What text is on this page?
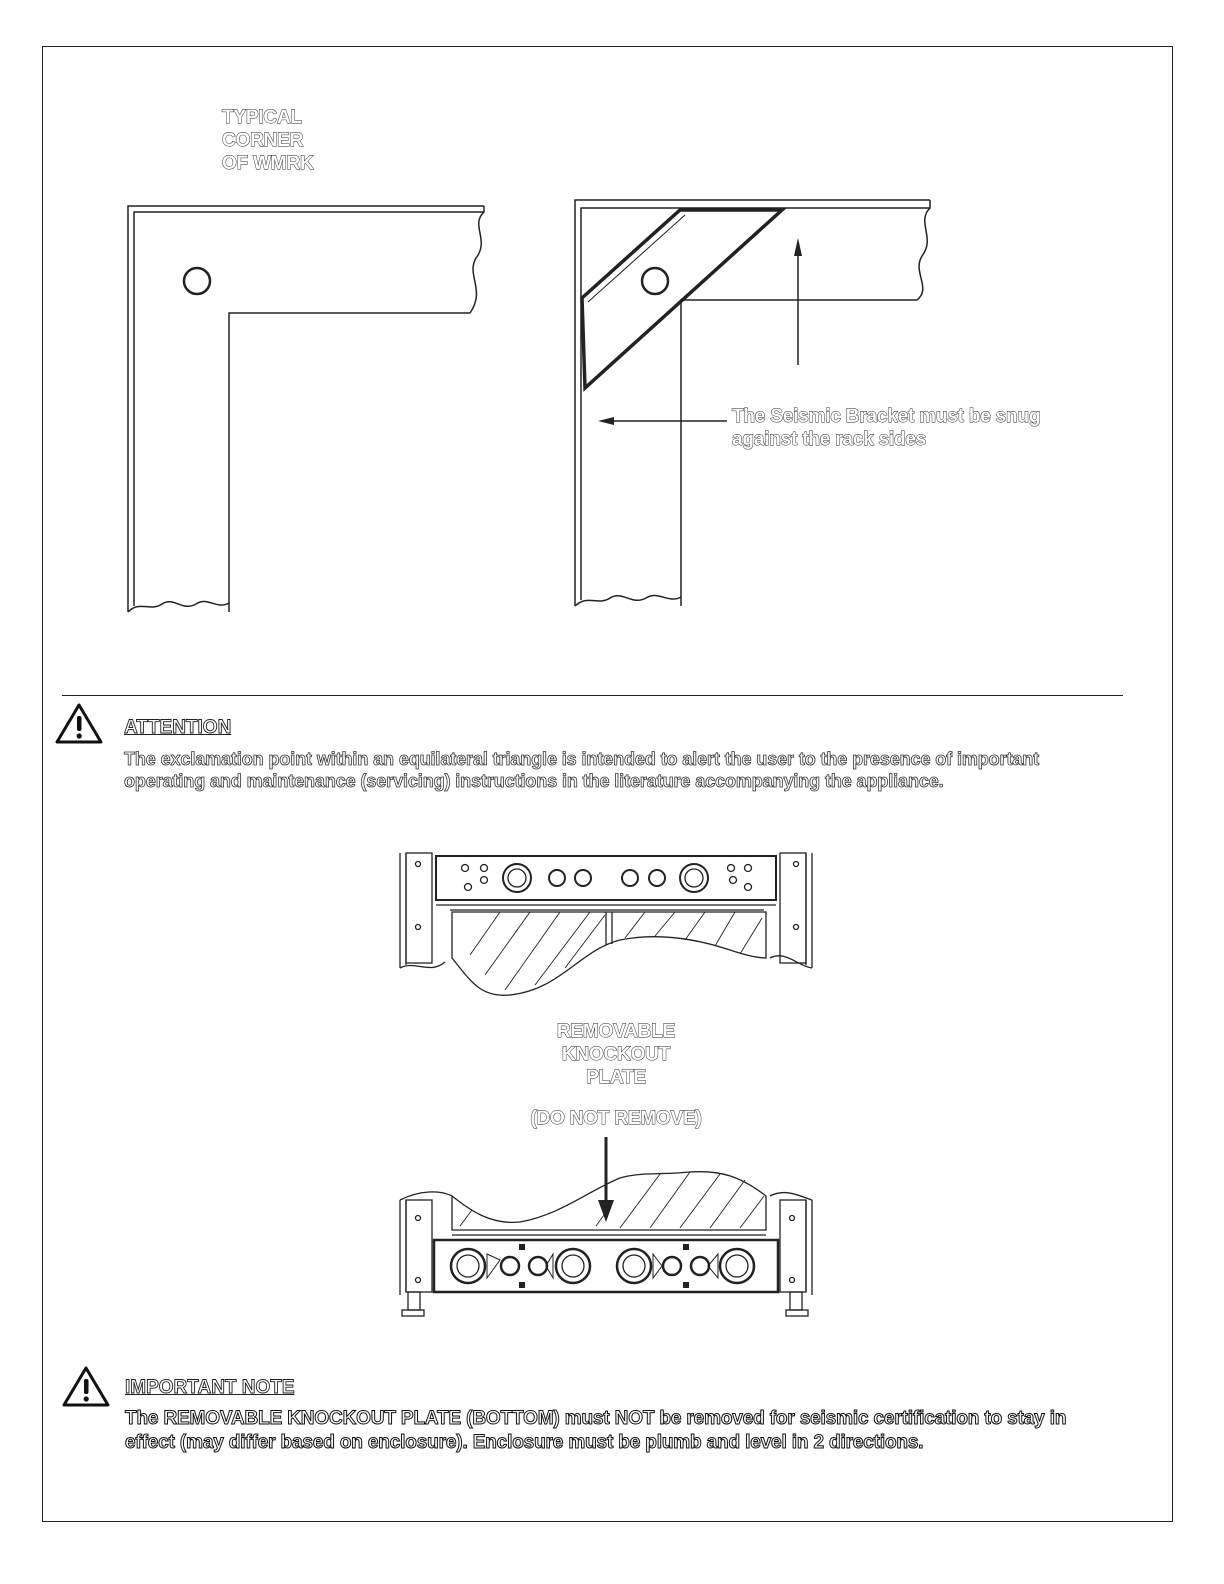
TYPICAL
CORNER
OF WMRK
The Seismic Bracket must be snug
against the rack sides
ATTENTION
The exclamation point within an equilateral triangle is intended to alert the user to the presence of important
operating and maintenance (servicing) instructions in the literature accompanying the appliance.
REMOVABLE
KNOCKOUT
PLATE
(DO NOT REMOVE)
IMPORTANT NOTE
The REMOVABLE KNOCKOUT PLATE (BOTTOM) must NOT be removed for seismic certification to stay in
effect (may differ based on enclosure). Enclosure must be plumb and level in 2 directions.
